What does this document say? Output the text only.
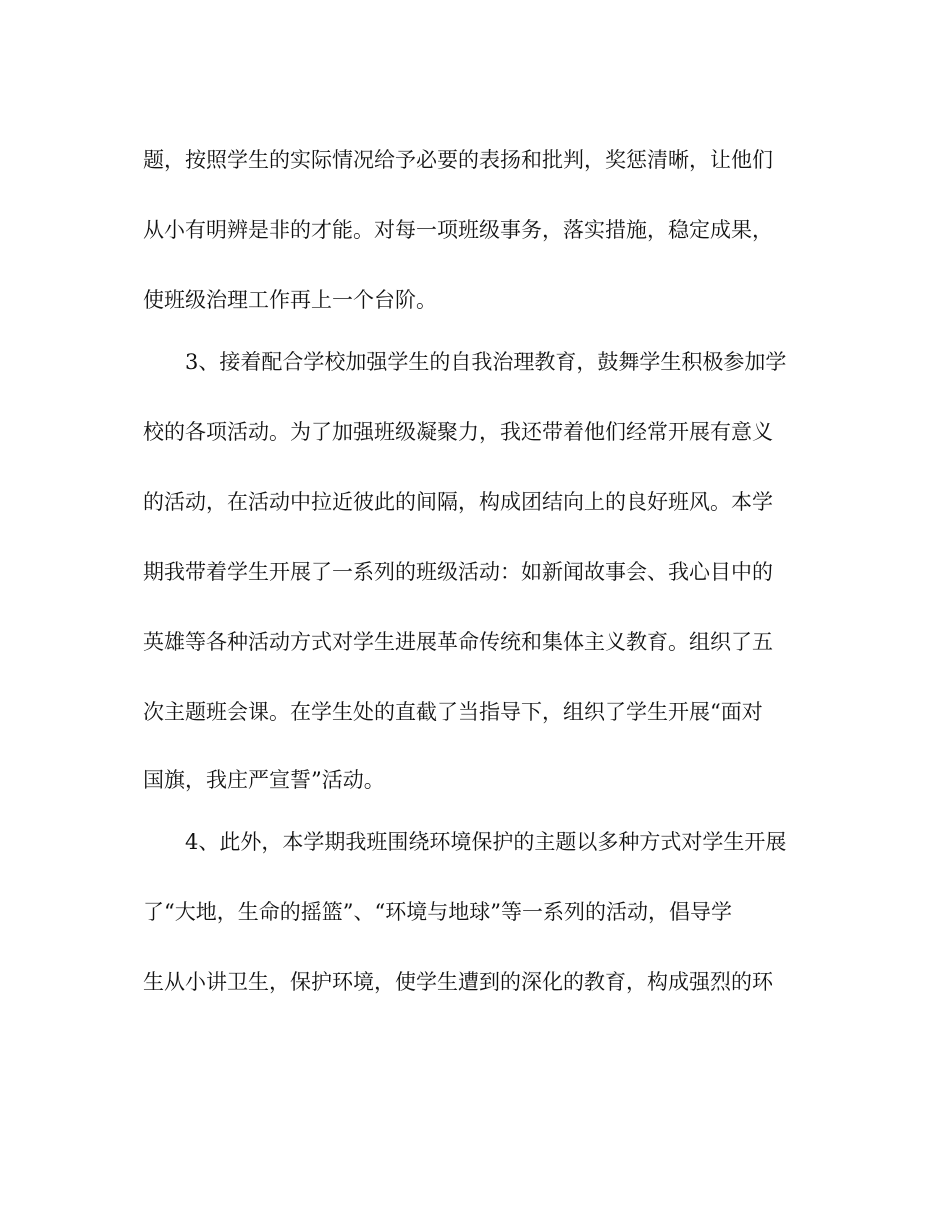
题，按照学生的实际情况给予必要的表扬和批判，奖惩清晰，让他们
从小有明辨是非的才能。对每一项班级事务，落实措施，稳定成果，
使班级治理工作再上一个台阶。
3、接着配合学校加强学生的自我治理教育，鼓舞学生积极参加学
校的各项活动。为了加强班级凝聚力，我还带着他们经常开展有意义
的活动，在活动中拉近彼此的间隔，构成团结向上的良好班风。本学
期我带着学生开展了一系列的班级活动：如新闻故事会、我心目中的
英雄等各种活动方式对学生进展革命传统和集体主义教育。组织了五
次主题班会课。在学生处的直截了当指导下，组织了学生开展“面对
国旗，我庄严宣誓”活动。
4、此外，本学期我班围绕环境保护的主题以多种方式对学生开展
了“大地，生命的摇篮”、“环境与地球”等一系列的活动，倡导学
生从小讲卫生，保护环境，使学生遭到的深化的教育，构成强烈的环
